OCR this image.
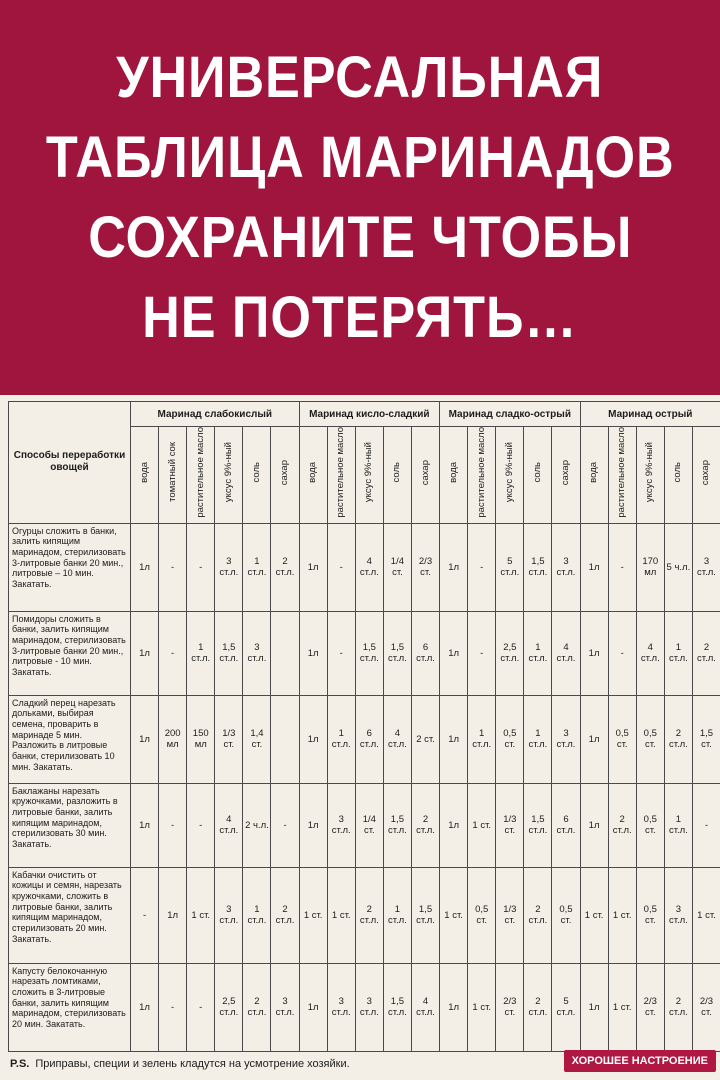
УНИВЕРСАЛЬНАЯ
ТАБЛИЦА МАРИНАДОВ
СОХРАНИТЕ ЧТОБЫ
НЕ ПОТЕРЯТЬ…
Способы переработки овощей	Маринад слабокислый						Маринад кисло-сладкий					Маринад сладко-острый					Маринад острый				
	вода	томатный сок	растительное масло	уксус 9%-ный	соль	сахар	вода	растительное масло	уксус 9%-ный	соль	сахар	вода	растительное масло	уксус 9%-ный	соль	сахар	вода	растительное масло	уксус 9%-ный	соль	сахар
Огурцы сложить в банки, залить кипящим маринадом, стерилизовать 3-литровые банки 20 мин., литровые – 10 мин. Закатать.	1л	-	-	3 ст.л.	1 ст.л.	2 ст.л.	1л	-	4 ст.л.	1/4 ст.	2/3 ст.	1л	-	5 ст.л.	1,5 ст.л.	3 ст.л.	1л	-	170 мл	5 ч.л.	3 ст.л.
Помидоры сложить в банки, залить кипящим маринадом, стерилизовать 3-литровые банки 20 мин., литровые - 10 мин. Закатать.	1л	-	1 ст.л.	1,5 ст.л.	3 ст.л.		1л	-	1,5 ст.л.	1,5 ст.л.	6 ст.л.	1л	-	2,5 ст.л.	1 ст.л.	4 ст.л.	1л	-	4 ст.л.	1 ст.л.	2 ст.л.
Сладкий перец нарезать дольками, выбирая семена, проварить в маринаде 5 мин. Разложить в литровые банки, стерилизовать 10 мин. Закатать.	1л	200 мл	150 мл	1/3 ст.	1,4 ст.		1л	1 ст.л.	6 ст.л.	4 ст.л.	2 ст.	1л	1 ст.л.	0,5 ст.	1 ст.л.	3 ст.л.	1л	0,5 ст.	0,5 ст.	2 ст.л.	1,5 ст.
Баклажаны нарезать кружочками, разложить в литровые банки, залить кипящим маринадом, стерилизовать 30 мин. Закатать.	1л	-	-	4 ст.л.	2 ч.л.	-	1л	3 ст.л.	1/4 ст.	1,5 ст.л.	2 ст.л.	1л	1 ст.	1/3 ст.	1,5 ст.л.	6 ст.л.	1л	2 ст.л.	0,5 ст.	1 ст.л.	-
Кабачки очистить от кожицы и семян, нарезать кружочками, сложить в литровые банки, залить кипящим маринадом, стерилизовать 20 мин. Закатать.	-	1л	1 ст.	3 ст.л.	1 ст.л.	2 ст.л.	1 ст.	1 ст.	2 ст.л.	1 ст.л.	1,5 ст.л.	1 ст.	0,5 ст.	1/3 ст.	2 ст.л.	0,5 ст.	1 ст.	1 ст.	0,5 ст.	3 ст.л.	1 ст.
Капусту белокочанную нарезать ломтиками, сложить в 3-литровые банки, залить кипящим маринадом, стерилизовать 20 мин. Закатать.	1л	-	-	2,5 ст.л.	2 ст.л.	3 ст.л.	1л	3 ст.л.	3 ст.л.	1,5 ст.л.	4 ст.л.	1л	1 ст.	2/3 ст.	2 ст.л.	5 ст.л.	1л	1 ст.	2/3 ст.	2 ст.л.	2/3 ст.
P.S. Приправы, специи и зелень кладутся на усмотрение хозяйки.	ХОРОШЕЕ НАСТРОЕНИЕ
